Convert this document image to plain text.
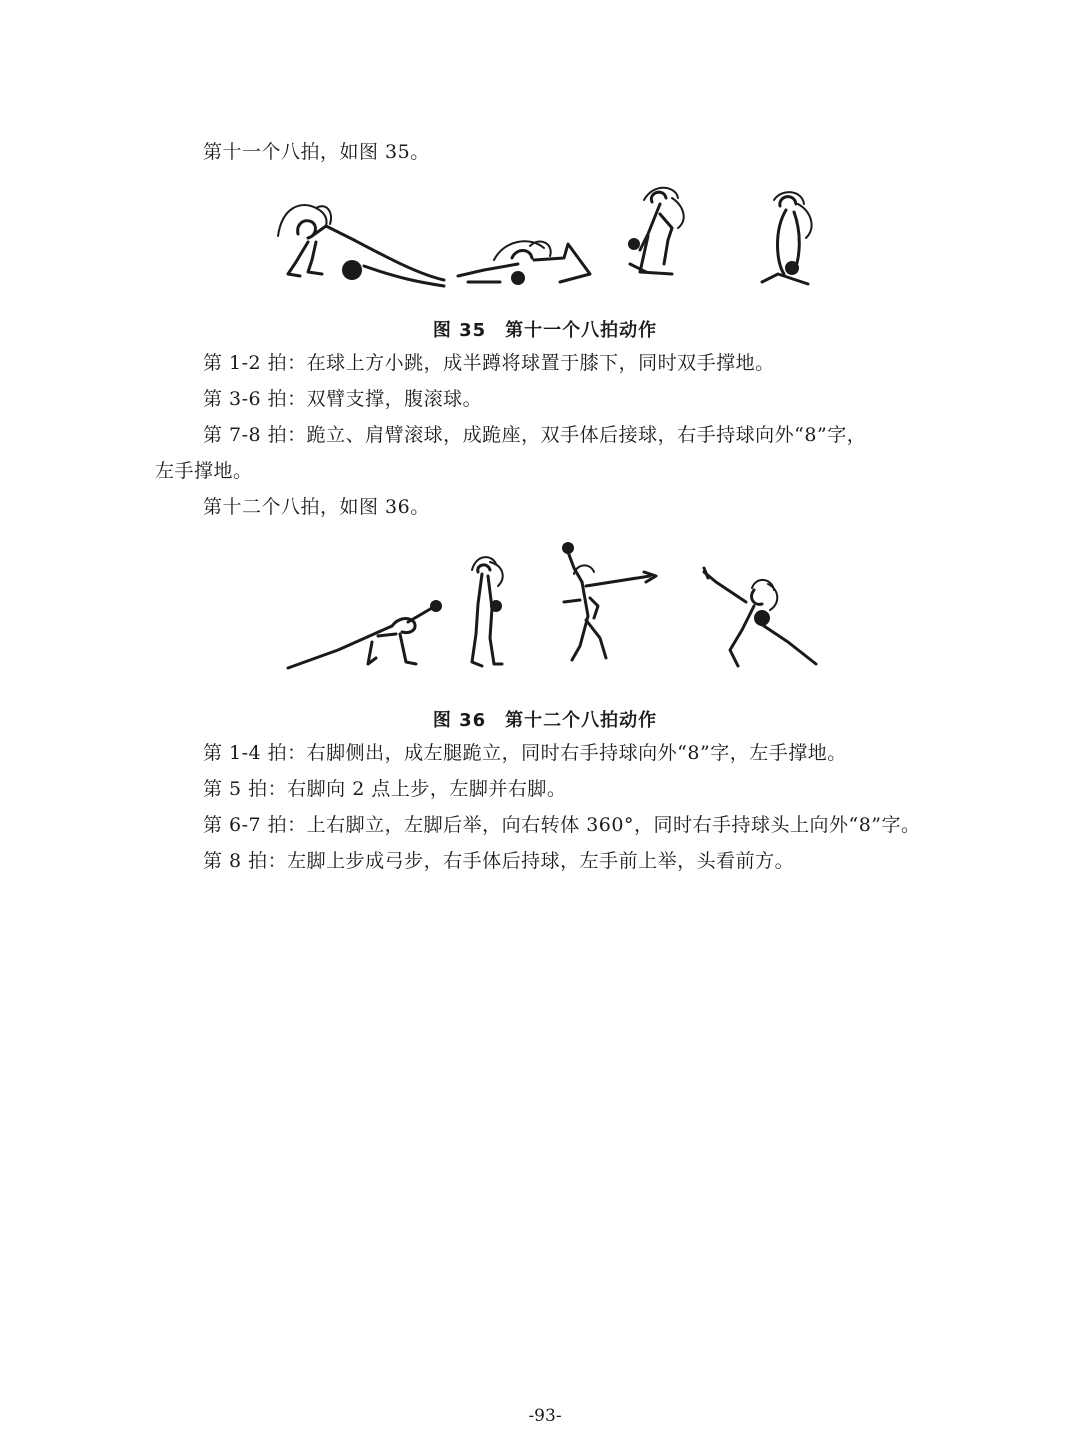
第十一个八拍，如图 35。
图 35　第十一个八拍动作
第 1-2 拍：在球上方小跳，成半蹲将球置于膝下，同时双手撑地。
第 3-6 拍：双臂支撑，腹滚球。
第 7-8 拍：跪立、肩臂滚球，成跪座，双手体后接球，右手持球向外“8”字，
左手撑地。
第十二个八拍，如图 36。
图 36　第十二个八拍动作
第 1-4 拍：右脚侧出，成左腿跪立，同时右手持球向外“8”字，左手撑地。
第 5 拍：右脚向 2 点上步，左脚并右脚。
第 6-7 拍：上右脚立，左脚后举，向右转体 360°，同时右手持球头上向外“8”字。
第 8 拍：左脚上步成弓步，右手体后持球，左手前上举，头看前方。
-93-
